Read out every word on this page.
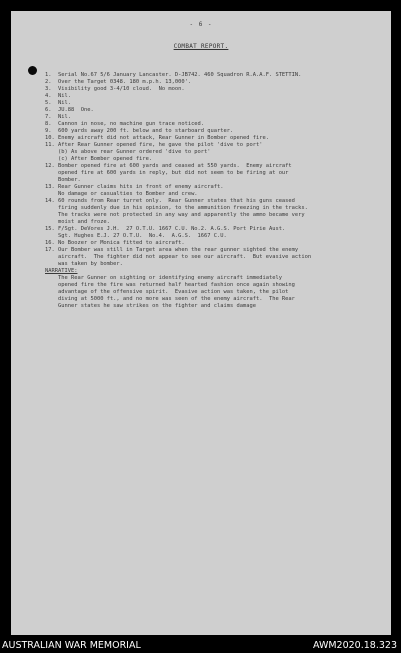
- 6 -
COMBAT REPORT.
1.	Serial No.67 5/6 January Lancaster. D-JB742. 460 Squadron R.A.A.F. STETTIN.
2.	Over the Target 0348. 180 m.p.h. 13,000'.
3.	Visibility good 3-4/10 cloud.  No moon.
4.	Nil.
5.	Nil.
6.	JU.88  One.
7.	Nil.
8.	Cannon in nose, no machine gun trace noticed.
9.	600 yards away 200 ft. below and to starboard quarter.
10. Enemy aircraft did not attack, Rear Gunner in Bomber opened fire.
11. After Rear Gunner opened fire, he gave the pilot 'dive to port'
(b) As above rear Gunner ordered 'dive to port'
(c) After Bomber opened fire.
12. Bomber opened fire at 600 yards and ceased at 550 yards.  Enemy aircraft
opened fire at 600 yards in reply, but did not seem to be firing at our
Bomber.
13. Rear Gunner claims hits in front of enemy aircraft.
No damage or casualties to Bomber and crew.
14. 60 rounds from Rear turret only.  Rear Gunner states that his guns ceased
firing suddenly due in his opinion, to the ammunition freezing in the tracks.
The tracks were not protected in any way and apparently the ammo became very
moist and froze.
15. F/Sgt. DeVores J.H.  27 O.T.U. 1667 C.U. No.2. A.G.S. Port Pirie Aust.
Sgt. Hughes E.J. 27 O.T.U.  No.4.  A.G.S.  1667 C.U.
16. No Boozer or Monica fitted to aircraft.
17. Our Bomber was still in Target area when the rear gunner sighted the enemy
aircraft.  The fighter did not appear to see our aircraft.  But evasive action
was taken by bomber.
NARRATIVE:
The Rear Gunner on sighting or identifying enemy aircraft immediately
opened fire the fire was returned half hearted fashion once again showing
advantage of the offensive spirit.  Evasive action was taken, the pilot
diving at 5000 ft., and no more was seen of the enemy aircraft.  The Rear
Gunner states he saw strikes on the fighter and claims damage
AUSTRALIAN WAR MEMORIAL	AWM2020.18.323
